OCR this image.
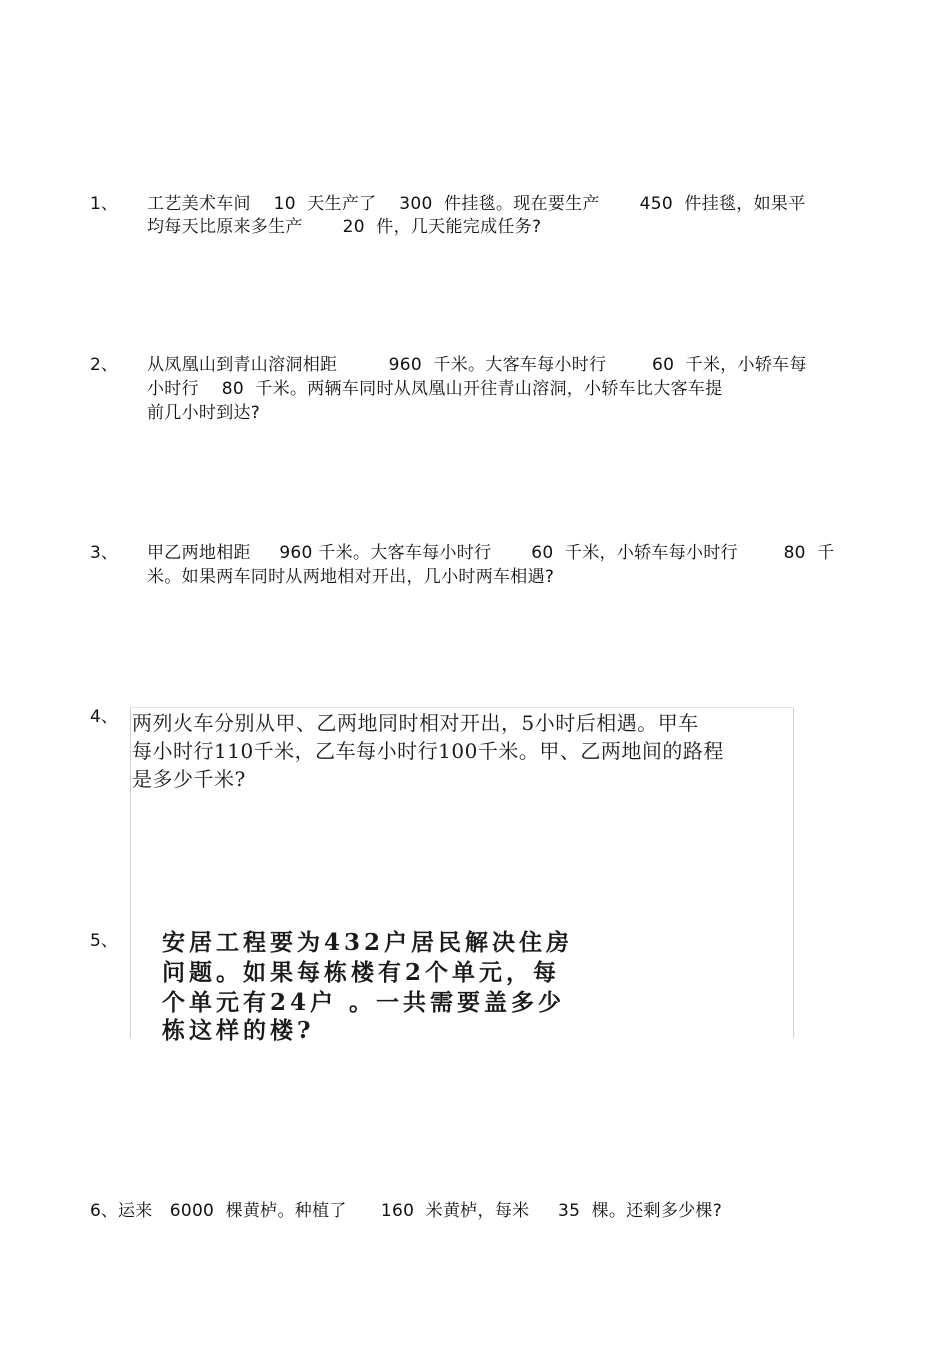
1、 工艺美术车间    10  天生产了    300  件挂毯。现在要生产       450  件挂毯，如果平
均每天比原来多生产       20  件，几天能完成任务?
2、 从凤凰山到青山溶洞相距         960  千米。大客车每小时行        60  千米，小轿车每
小时行    80  千米。两辆车同时从凤凰山开往青山溶洞，小轿车比大客车提
前几小时到达?
3、 甲乙两地相距     960 千米。大客车每小时行       60  千米，小轿车每小时行        80  千
米。如果两车同时从两地相对开出，几小时两车相遇?
4、 两列火车分别从甲、乙两地同时相对开出，5小时后相遇。甲车
每小时行110千米，乙车每小时行100千米。甲、乙两地间的路程
是多少千米?
5、 安居工程要为432户居民解决住房
问题。如果每栋楼有2个单元，每
个单元有24户 。一共需要盖多少
栋这样的楼?
6、 运来   6000  棵黄栌。种植了      160  米黄栌，每米     35  棵。还剩多少棵?
